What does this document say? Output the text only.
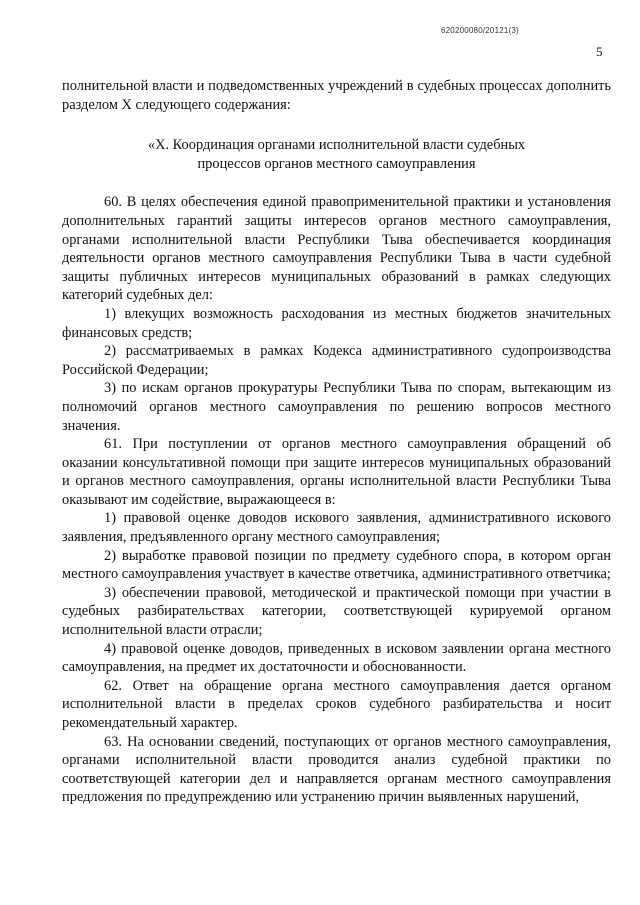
620200080/20121(3)
5

полнительной власти и подведомственных учреждений в судебных процессах дополнить разделом X следующего содержания:

«X. Координация органами исполнительной власти судебных
процессов органов местного самоуправления

60. В целях обеспечения единой правоприменительной практики и установления дополнительных гарантий защиты интересов органов местного самоуправления, органами исполнительной власти Республики Тыва обеспечивается координация деятельности органов местного самоуправления Республики Тыва в части судебной защиты публичных интересов муниципальных образований в рамках следующих категорий судебных дел:

1) влекущих возможность расходования из местных бюджетов значительных финансовых средств;

2) рассматриваемых в рамках Кодекса административного судопроизводства Российской Федерации;

3) по искам органов прокуратуры Республики Тыва по спорам, вытекающим из полномочий органов местного самоуправления по решению вопросов местного значения.

61. При поступлении от органов местного самоуправления обращений об оказании консультативной помощи при защите интересов муниципальных образований и органов местного самоуправления, органы исполнительной власти Республики Тыва оказывают им содействие, выражающееся в:

1) правовой оценке доводов искового заявления, административного искового заявления, предъявленного органу местного самоуправления;

2) выработке правовой позиции по предмету судебного спора, в котором орган местного самоуправления участвует в качестве ответчика, административного ответчика;

3) обеспечении правовой, методической и практической помощи при участии в судебных разбирательствах категории, соответствующей курируемой органом исполнительной власти отрасли;

4) правовой оценке доводов, приведенных в исковом заявлении органа местного самоуправления, на предмет их достаточности и обоснованности.

62. Ответ на обращение органа местного самоуправления дается органом исполнительной власти в пределах сроков судебного разбирательства и носит рекомендательный характер.

63. На основании сведений, поступающих от органов местного самоуправления, органами исполнительной власти проводится анализ судебной практики по соответствующей категории дел и направляется органам местного самоуправления предложения по предупреждению или устранению причин выявленных нарушений,
